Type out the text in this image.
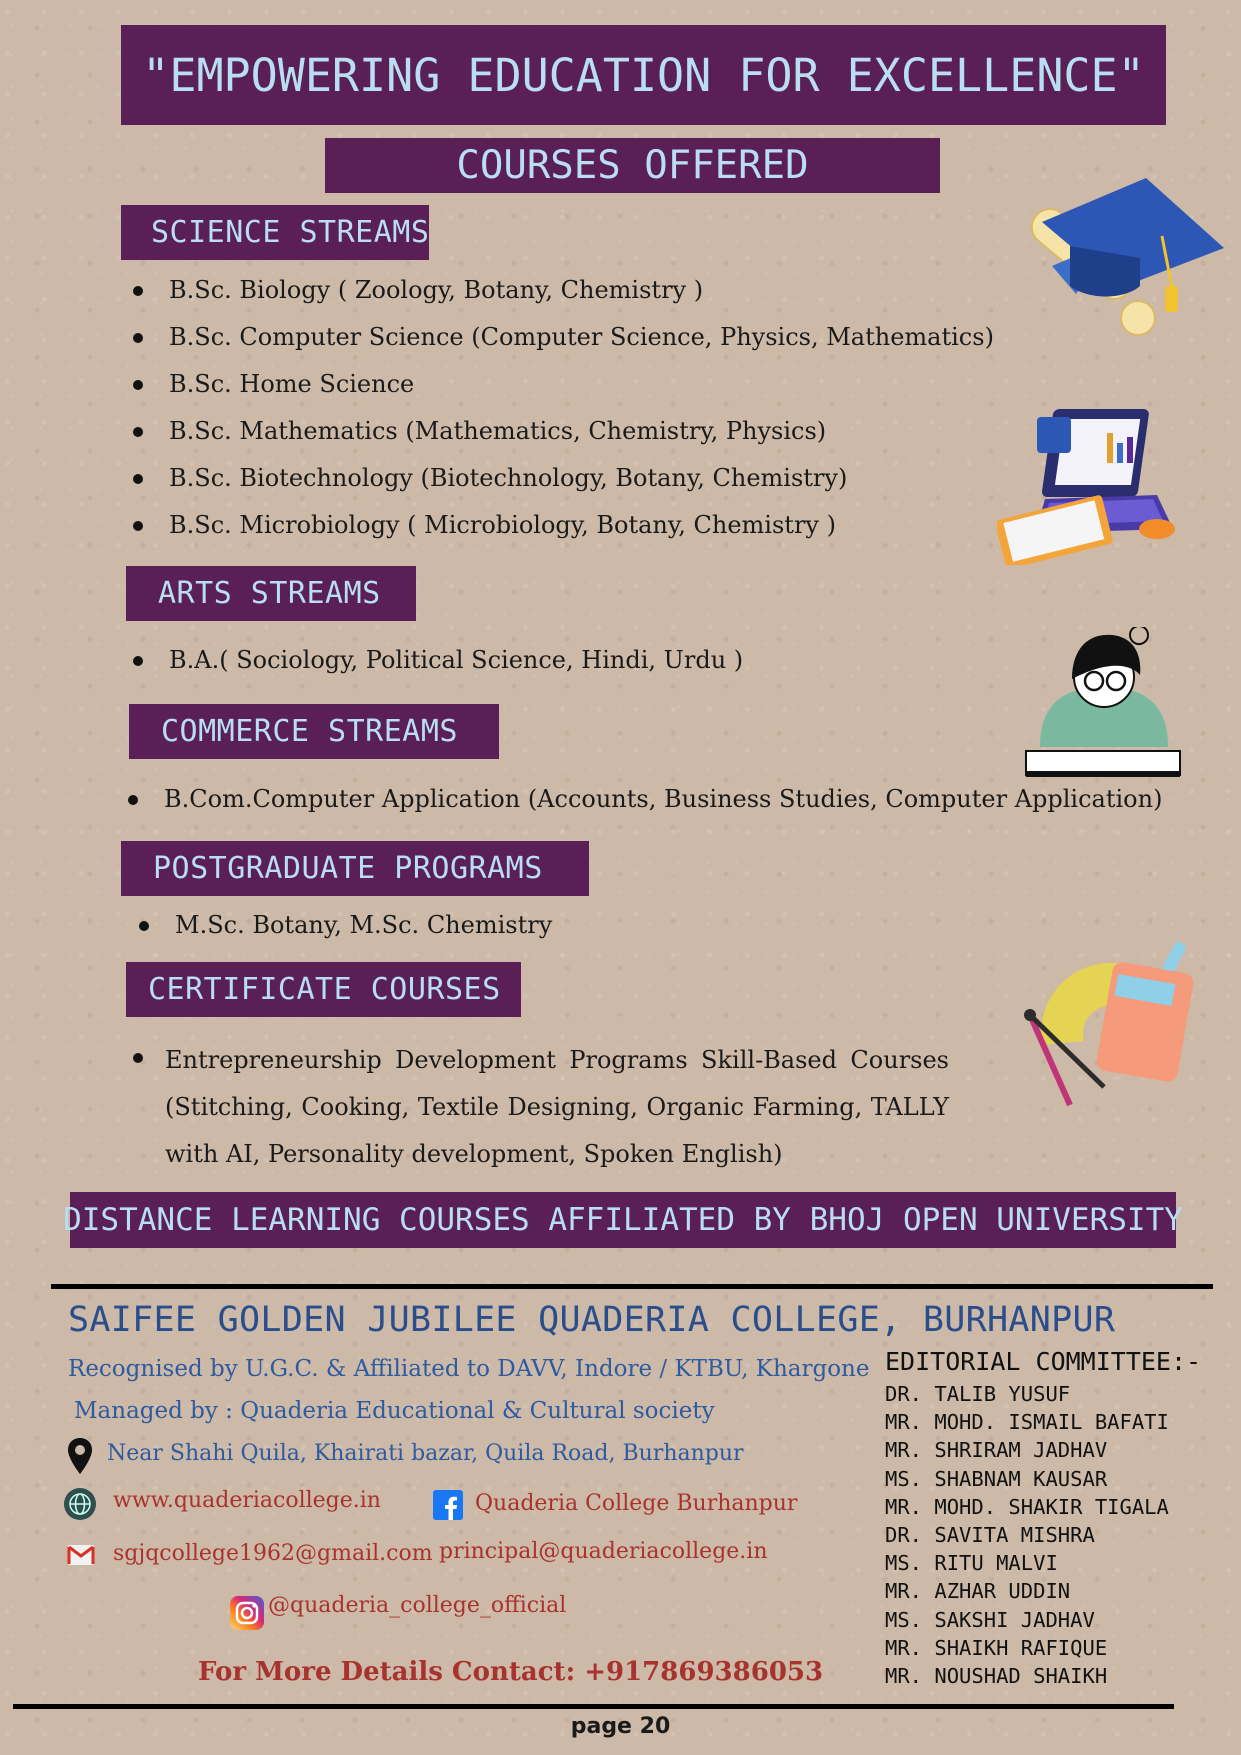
"EMPOWERING EDUCATION FOR EXCELLENCE"
COURSES OFFERED
SCIENCE STREAMS
B.Sc. Biology ( Zoology, Botany, Chemistry )
B.Sc. Computer Science (Computer Science, Physics, Mathematics)
B.Sc. Home Science
B.Sc. Mathematics (Mathematics, Chemistry, Physics)
B.Sc. Biotechnology (Biotechnology, Botany, Chemistry)
B.Sc. Microbiology ( Microbiology, Botany, Chemistry )
ARTS STREAMS
B.A.( Sociology, Political Science, Hindi, Urdu )
COMMERCE STREAMS
B.Com.Computer Application (Accounts, Business Studies, Computer Application)
POSTGRADUATE PROGRAMS
M.Sc. Botany, M.Sc. Chemistry
CERTIFICATE COURSES
Entrepreneurship Development Programs Skill-Based Courses (Stitching, Cooking, Textile Designing, Organic Farming, TALLY with AI, Personality development, Spoken English)
DISTANCE LEARNING COURSES AFFILIATED BY BHOJ OPEN UNIVERSITY
SAIFEE GOLDEN JUBILEE QUADERIA COLLEGE, BURHANPUR
Recognised by U.G.C. & Affiliated to DAVV, Indore / KTBU, Khargone
Managed by : Quaderia Educational & Cultural society
Near Shahi Quila, Khairati bazar, Quila Road, Burhanpur
www.quaderiacollege.in	Quaderia College Burhanpur
sgjqcollege1962@gmail.com principal@quaderiacollege.in
@quaderia_college_official
For More Details Contact: +917869386053
EDITORIAL COMMITTEE:-
DR. TALIB YUSUF
MR. MOHD. ISMAIL BAFATI
MR. SHRIRAM JADHAV
MS. SHABNAM KAUSAR
MR. MOHD. SHAKIR TIGALA
DR. SAVITA MISHRA
MS. RITU MALVI
MR. AZHAR UDDIN
MS. SAKSHI JADHAV
MR. SHAIKH RAFIQUE
MR. NOUSHAD SHAIKH
page 20
